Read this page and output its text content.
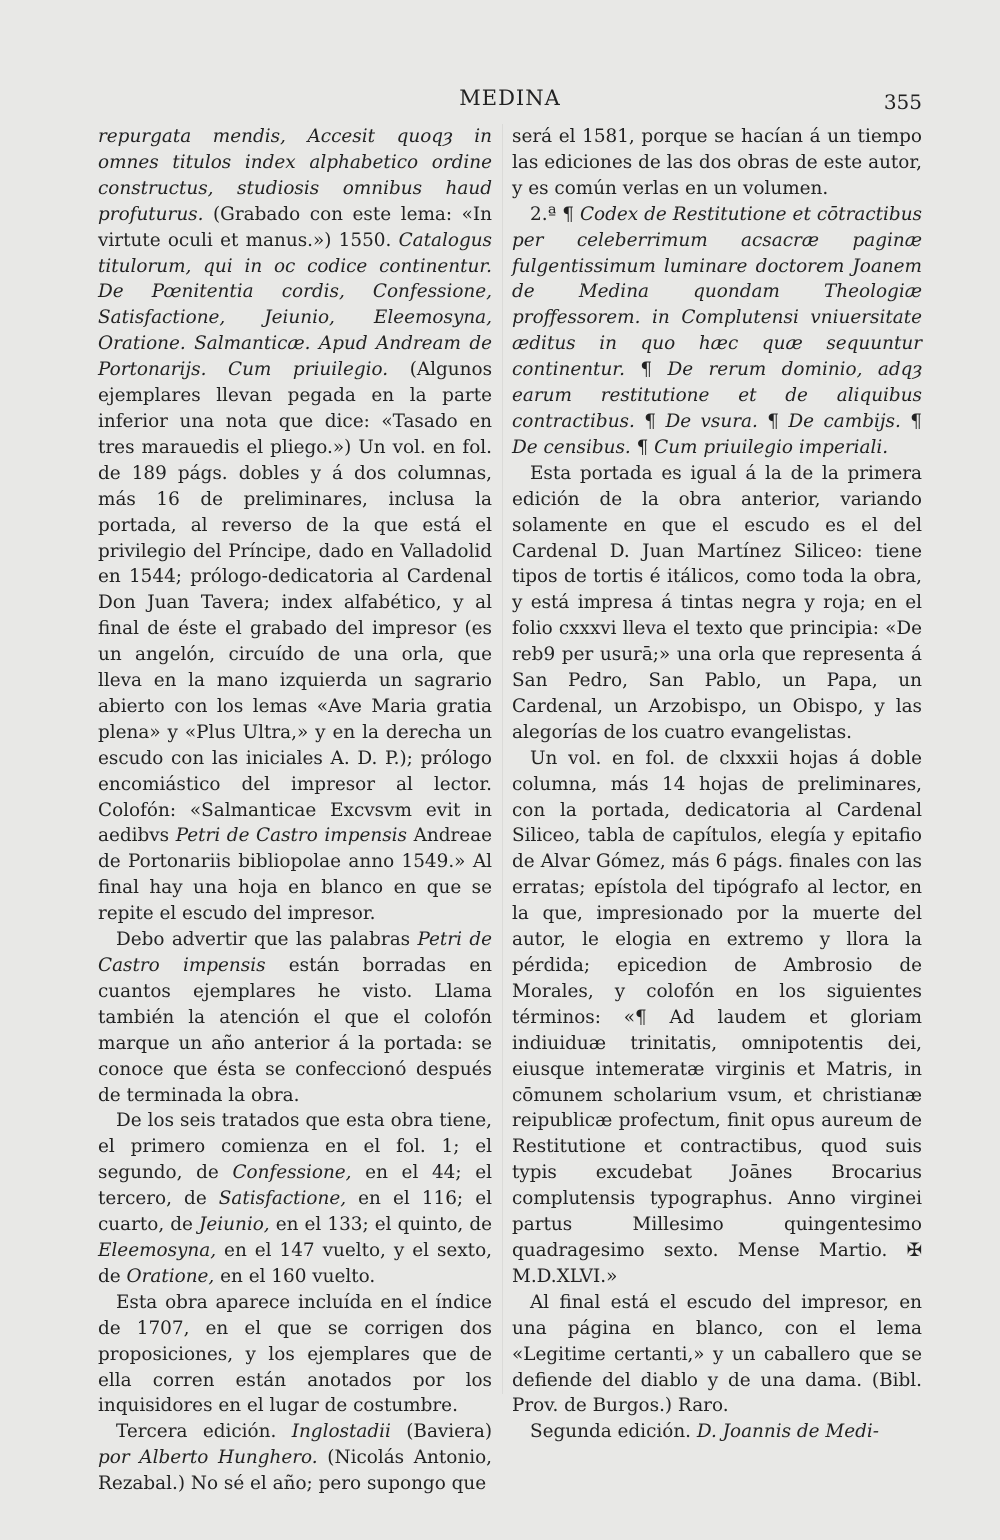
MEDINA	355

repurgata mendis, Accesit quoqȝ in omnes titulos index alphabetico ordine constructus, studiosis omnibus haud profuturus. (Grabado con este lema: «In virtute oculi et manus.») 1550. Catalogus titulorum, qui in oc codice continentur. De Pœnitentia cordis, Confessione, Satisfactione, Jeiunio, Eleemosyna, Oratione. Salmanticæ. Apud Andream de Portonarijs. Cum priuilegio. (Algunos ejemplares llevan pegada en la parte inferior una nota que dice: «Tasado en tres marauedis el pliego.») Un vol. en fol. de 189 págs. dobles y á dos columnas, más 16 de preliminares, inclusa la portada, al reverso de la que está el privilegio del Príncipe, dado en Valladolid en 1544; prólogo-dedicatoria al Cardenal Don Juan Tavera; index alfabético, y al final de éste el grabado del impresor (es un angelón, circuído de una orla, que lleva en la mano izquierda un sagrario abierto con los lemas «Ave Maria gratia plena» y «Plus Ultra,» y en la derecha un escudo con las iniciales A. D. P.); prólogo encomiástico del impresor al lector. Colofón: «Salmanticae Excvsvm evit in aedibvs Petri de Castro impensis Andreae de Portonariis bibliopolae anno 1549.» Al final hay una hoja en blanco en que se repite el escudo del impresor.

Debo advertir que las palabras Petri de Castro impensis están borradas en cuantos ejemplares he visto. Llama también la atención el que el colofón marque un año anterior á la portada: se conoce que ésta se confeccionó después de terminada la obra.

De los seis tratados que esta obra tiene, el primero comienza en el fol. 1; el segundo, de Confessione, en el 44; el tercero, de Satisfactione, en el 116; el cuarto, de Jeiunio, en el 133; el quinto, de Eleemosyna, en el 147 vuelto, y el sexto, de Oratione, en el 160 vuelto.

Esta obra aparece incluída en el índice de 1707, en el que se corrigen dos proposiciones, y los ejemplares que de ella corren están anotados por los inquisidores en el lugar de costumbre.

Tercera edición. Inglostadii (Baviera) por Alberto Hunghero. (Nicolás Antonio, Rezabal.) No sé el año; pero supongo que

será el 1581, porque se hacían á un tiempo las ediciones de las dos obras de este autor, y es común verlas en un volumen.

2.ª ¶ Codex de Restitutione et cōtractibus per celeberrimum acsacræ paginæ fulgentissimum luminare doctorem Joanem de Medina quondam Theologiæ proffessorem. in Complutensi vniuersitate æditus in quo hæc quæ sequuntur continentur. ¶ De rerum dominio, adqȝ earum restitutione et de aliquibus contractibus. ¶ De vsura. ¶ De cambijs. ¶ De censibus. ¶ Cum priuilegio imperiali.

Esta portada es igual á la de la primera edición de la obra anterior, variando solamente en que el escudo es el del Cardenal D. Juan Martínez Siliceo: tiene tipos de tortis é itálicos, como toda la obra, y está impresa á tintas negra y roja; en el folio cxxxvi lleva el texto que principia: «De reb9 per usurā;» una orla que representa á San Pedro, San Pablo, un Papa, un Cardenal, un Arzobispo, un Obispo, y las alegorías de los cuatro evangelistas.

Un vol. en fol. de clxxxii hojas á doble columna, más 14 hojas de preliminares, con la portada, dedicatoria al Cardenal Siliceo, tabla de capítulos, elegía y epitafio de Alvar Gómez, más 6 págs. finales con las erratas; epístola del tipógrafo al lector, en la que, impresionado por la muerte del autor, le elogia en extremo y llora la pérdida; epicedion de Ambrosio de Morales, y colofón en los siguientes términos: «¶ Ad laudem et gloriam indiuiduæ trinitatis, omnipotentis dei, eiusque intemeratæ virginis et Matris, in cōmunem scholarium vsum, et christianæ reipublicæ profectum, finit opus aureum de Restitutione et contractibus, quod suis typis excudebat Joānes Brocarius complutensis typographus. Anno virginei partus Millesimo quingentesimo quadragesimo sexto. Mense Martio. ✠ M.D.XLVI.»

Al final está el escudo del impresor, en una página en blanco, con el lema «Legitime certanti,» y un caballero que se defiende del diablo y de una dama. (Bibl. Prov. de Burgos.) Raro.

Segunda edición. D. Joannis de Medi-
